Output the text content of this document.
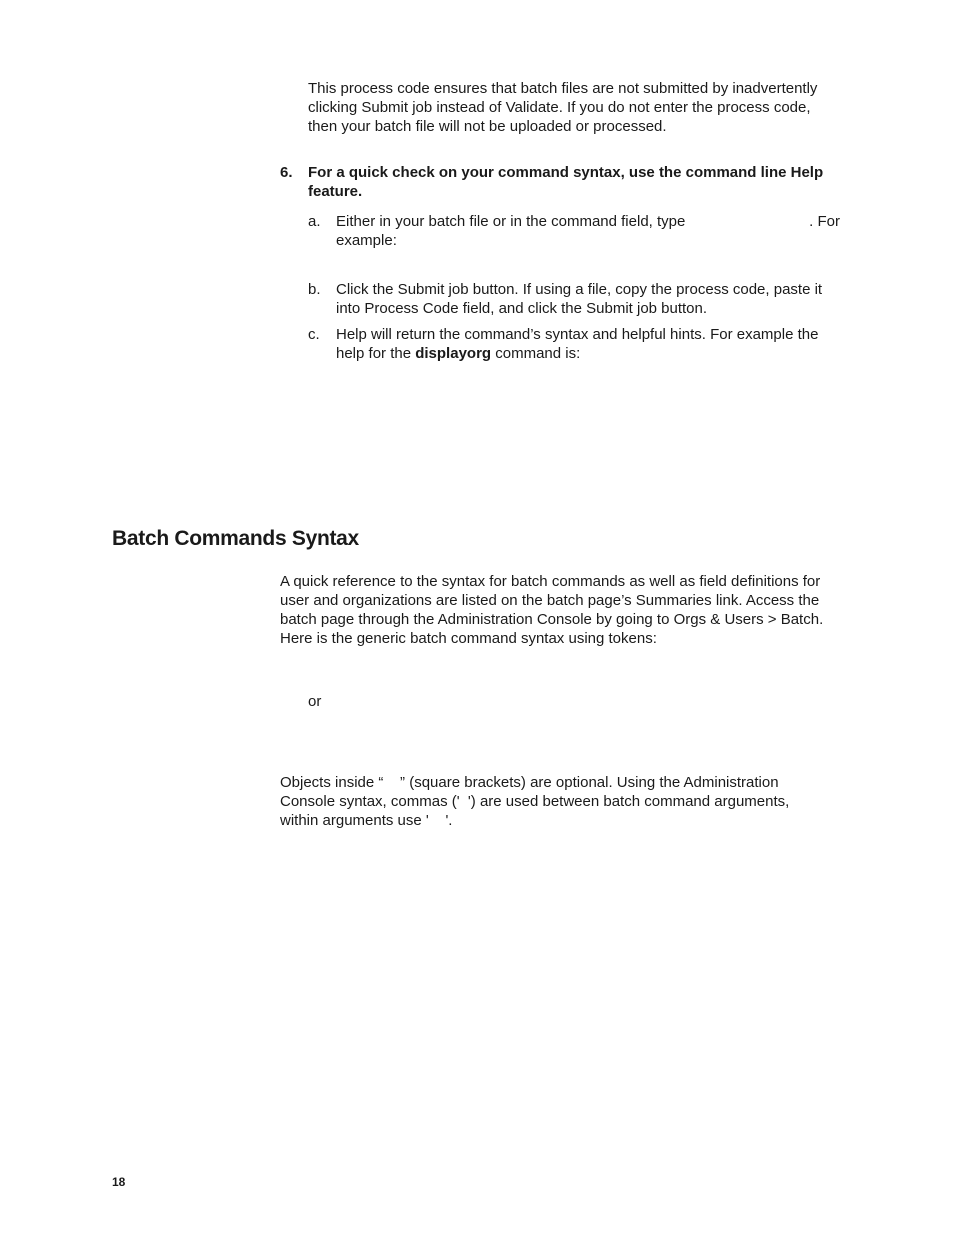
This process code ensures that batch files are not submitted by inadvertently clicking Submit job instead of Validate. If you do not enter the process code, then your batch file will not be uploaded or processed.

6. For a quick check on your command syntax, use the command line Help feature.
a. Either in your batch file or in the command field, type	. For
example:
b. Click the Submit job button. If using a file, copy the process code, paste it into Process Code field, and click the Submit job button.
c. Help will return the command’s syntax and helpful hints. For example the help for the displayorg command is:
Batch Commands Syntax

A quick reference to the syntax for batch commands as well as field definitions for user and organizations are listed on the batch page’s Summaries link. Access the batch page through the Administration Console by going to Orgs & Users > Batch. Here is the generic batch command syntax using tokens:

or

Objects inside “    ” (square brackets) are optional. Using the Administration
Console syntax, commas ('  ') are used between batch command arguments,
within arguments use '    '.

18
